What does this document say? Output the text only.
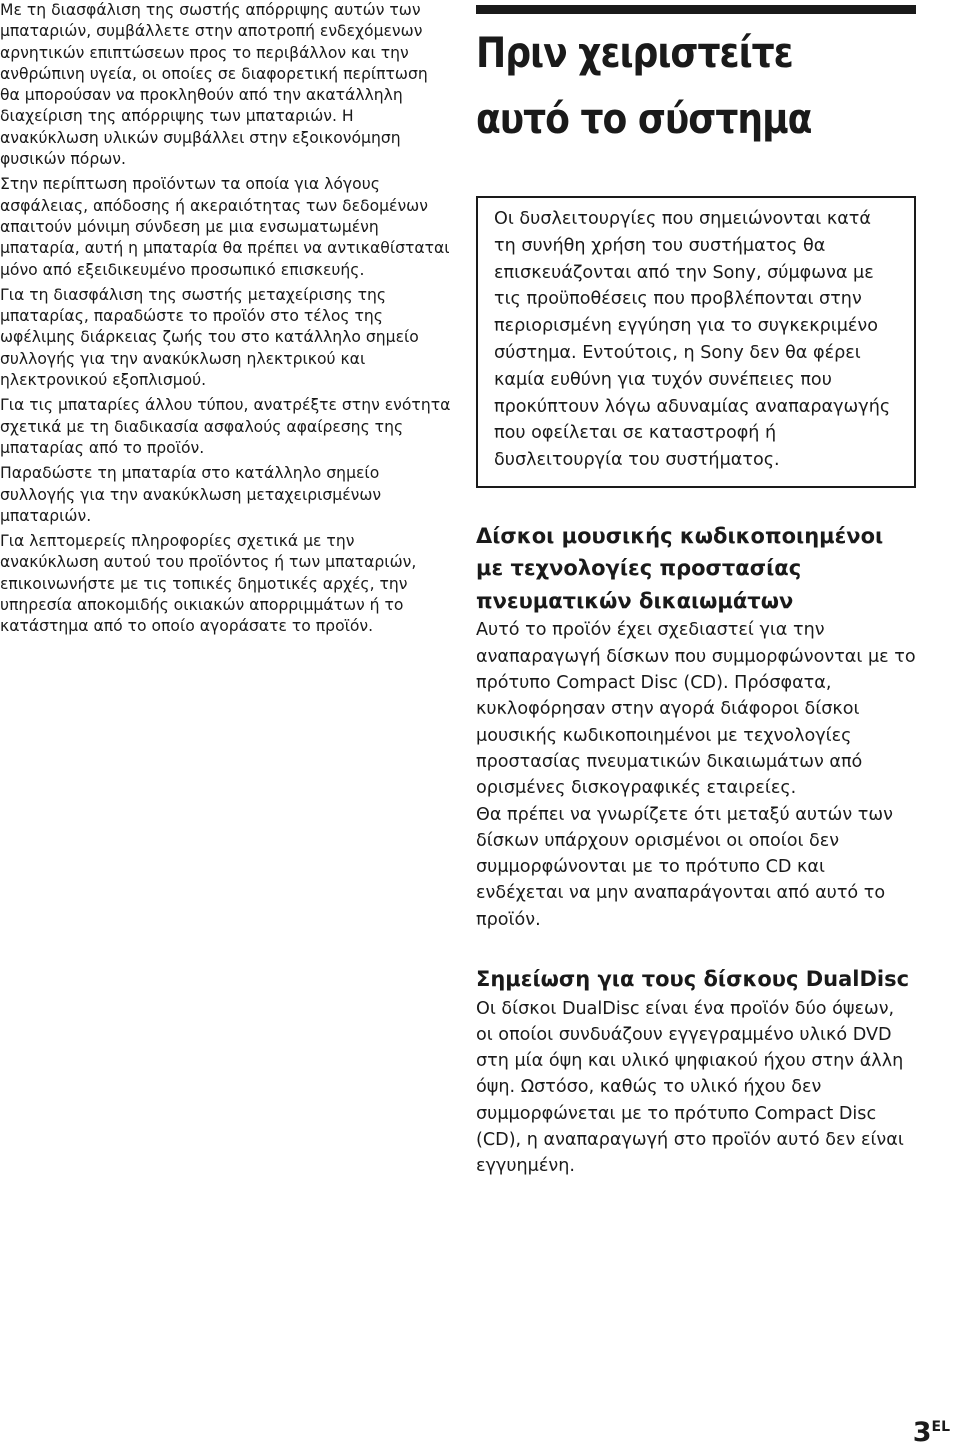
Με τη διασφάλιση της σωστής απόρριψης αυτών των μπαταριών, συμβάλλετε στην αποτροπή ενδεχόμενων αρνητικών επιπτώσεων προς το περιβάλλον και την ανθρώπινη υγεία, οι οποίες σε διαφορετική περίπτωση θα μπορούσαν να προκληθούν από την ακατάλληλη διαχείριση της απόρριψης των μπαταριών. Η ανακύκλωση υλικών συμβάλλει στην εξοικονόμηση φυσικών πόρων.

Στην περίπτωση προϊόντων τα οποία για λόγους ασφάλειας, απόδοσης ή ακεραιότητας των δεδομένων απαιτούν μόνιμη σύνδεση με μια ενσωματωμένη μπαταρία, αυτή η μπαταρία θα πρέπει να αντικαθίσταται μόνο από εξειδικευμένο προσωπικό επισκευής.

Για τη διασφάλιση της σωστής μεταχείρισης της μπαταρίας, παραδώστε το προϊόν στο τέλος της ωφέλιμης διάρκειας ζωής του στο κατάλληλο σημείο συλλογής για την ανακύκλωση ηλεκτρικού και ηλεκτρονικού εξοπλισμού.

Για τις μπαταρίες άλλου τύπου, ανατρέξτε στην ενότητα σχετικά με τη διαδικασία ασφαλούς αφαίρεσης της μπαταρίας από το προϊόν.

Παραδώστε τη μπαταρία στο κατάλληλο σημείο συλλογής για την ανακύκλωση μεταχειρισμένων μπαταριών.

Για λεπτομερείς πληροφορίες σχετικά με την ανακύκλωση αυτού του προϊόντος ή των μπαταριών, επικοινωνήστε με τις τοπικές δημοτικές αρχές, την υπηρεσία αποκομιδής οικιακών απορριμμάτων ή το κατάστημα από το οποίο αγοράσατε το προϊόν.

Πριν χειριστείτε
αυτό το σύστημα

Οι δυσλειτουργίες που σημειώνονται κατά τη συνήθη χρήση του συστήματος θα επισκευάζονται από την Sony, σύμφωνα με τις προϋποθέσεις που προβλέπονται στην περιορισμένη εγγύηση για το συγκεκριμένο σύστημα. Εντούτοις, η Sony δεν θα φέρει καμία ευθύνη για τυχόν συνέπειες που προκύπτουν λόγω αδυναμίας αναπαραγωγής που οφείλεται σε καταστροφή ή δυσλειτουργία του συστήματος.

Δίσκοι μουσικής κωδικοποιημένοι με τεχνολογίες προστασίας πνευματικών δικαιωμάτων

Αυτό το προϊόν έχει σχεδιαστεί για την αναπαραγωγή δίσκων που συμμορφώνονται με το πρότυπο Compact Disc (CD). Πρόσφατα, κυκλοφόρησαν στην αγορά διάφοροι δίσκοι μουσικής κωδικοποιημένοι με τεχνολογίες προστασίας πνευματικών δικαιωμάτων από ορισμένες δισκογραφικές εταιρείες.

Θα πρέπει να γνωρίζετε ότι μεταξύ αυτών των δίσκων υπάρχουν ορισμένοι οι οποίοι δεν συμμορφώνονται με το πρότυπο CD και ενδέχεται να μην αναπαράγονται από αυτό το προϊόν.

Σημείωση για τους δίσκους DualDisc

Οι δίσκοι DualDisc είναι ένα προϊόν δύο όψεων, οι οποίοι συνδυάζουν εγγεγραμμένο υλικό DVD στη μία όψη και υλικό ψηφιακού ήχου στην άλλη όψη. Ωστόσο, καθώς το υλικό ήχου δεν συμμορφώνεται με το πρότυπο Compact Disc (CD), η αναπαραγωγή στο προϊόν αυτό δεν είναι εγγυημένη.

$3^{EL}$
